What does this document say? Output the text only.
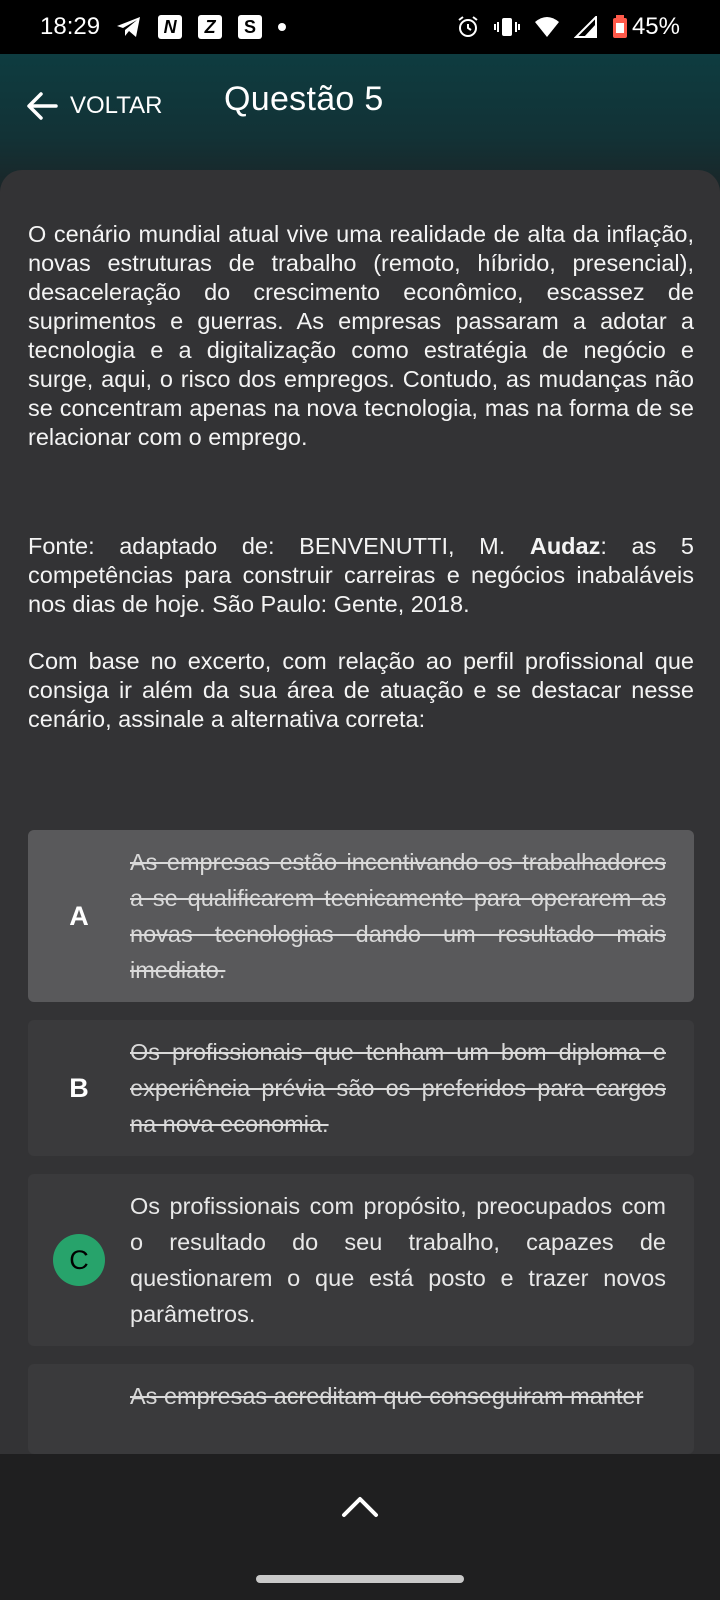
18:29	N	Z	S	45%
VOLTAR Questão 5

O cenário mundial atual vive uma realidade de alta da inflação, novas estruturas de trabalho (remoto, híbrido, presencial), desaceleração do crescimento econômico, escassez de suprimentos e guerras. As empresas passaram a adotar a tecnologia e a digitalização como estratégia de negócio e surge, aqui, o risco dos empregos. Contudo, as mudanças não se concentram apenas na nova tecnologia, mas na forma de se relacionar com o emprego.

Fonte: adaptado de: BENVENUTTI, M. Audaz: as 5 competências para construir carreiras e negócios inabaláveis nos dias de hoje. São Paulo: Gente, 2018.

Com base no excerto, com relação ao perfil profissional que consiga ir além da sua área de atuação e se destacar nesse cenário, assinale a alternativa correta:

A
As empresas estão incentivando os trabalhadores a se qualificarem tecnicamente para operarem as novas tecnologias dando um resultado mais imediato.
B
Os profissionais que tenham um bom diploma e experiência prévia são os preferidos para cargos na nova economia.
C
Os profissionais com propósito, preocupados com o resultado do seu trabalho, capazes de questionarem o que está posto e trazer novos parâmetros.
As empresas acreditam que conseguiram manter
